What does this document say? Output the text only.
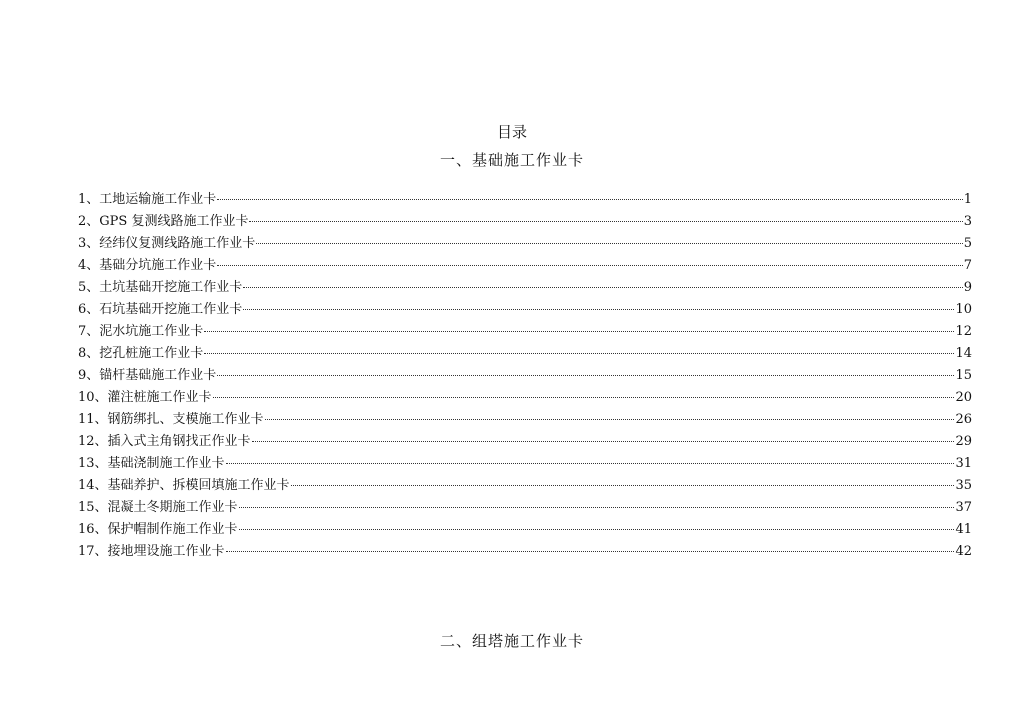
目录
一、基础施工作业卡
1、 工地运输施工作业卡	1
2、 GPS 复测线路施工作业卡	3
3、 经纬仪复测线路施工作业卡	5
4、 基础分坑施工作业卡	7
5、 土坑基础开挖施工作业卡	9
6、 石坑基础开挖施工作业卡	10
7、 泥水坑施工作业卡	12
8、 挖孔桩施工作业卡	14
9、 锚杆基础施工作业卡	15
10、 灌注桩施工作业卡	20
11、 钢筋绑扎、支模施工作业卡	26
12、 插入式主角钢找正作业卡	29
13、 基础浇制施工作业卡	31
14、 基础养护、拆模回填施工作业卡	35
15、 混凝土冬期施工作业卡	37
16、 保护帽制作施工作业卡	41
17、 接地埋设施工作业卡	42
二、组塔施工作业卡
